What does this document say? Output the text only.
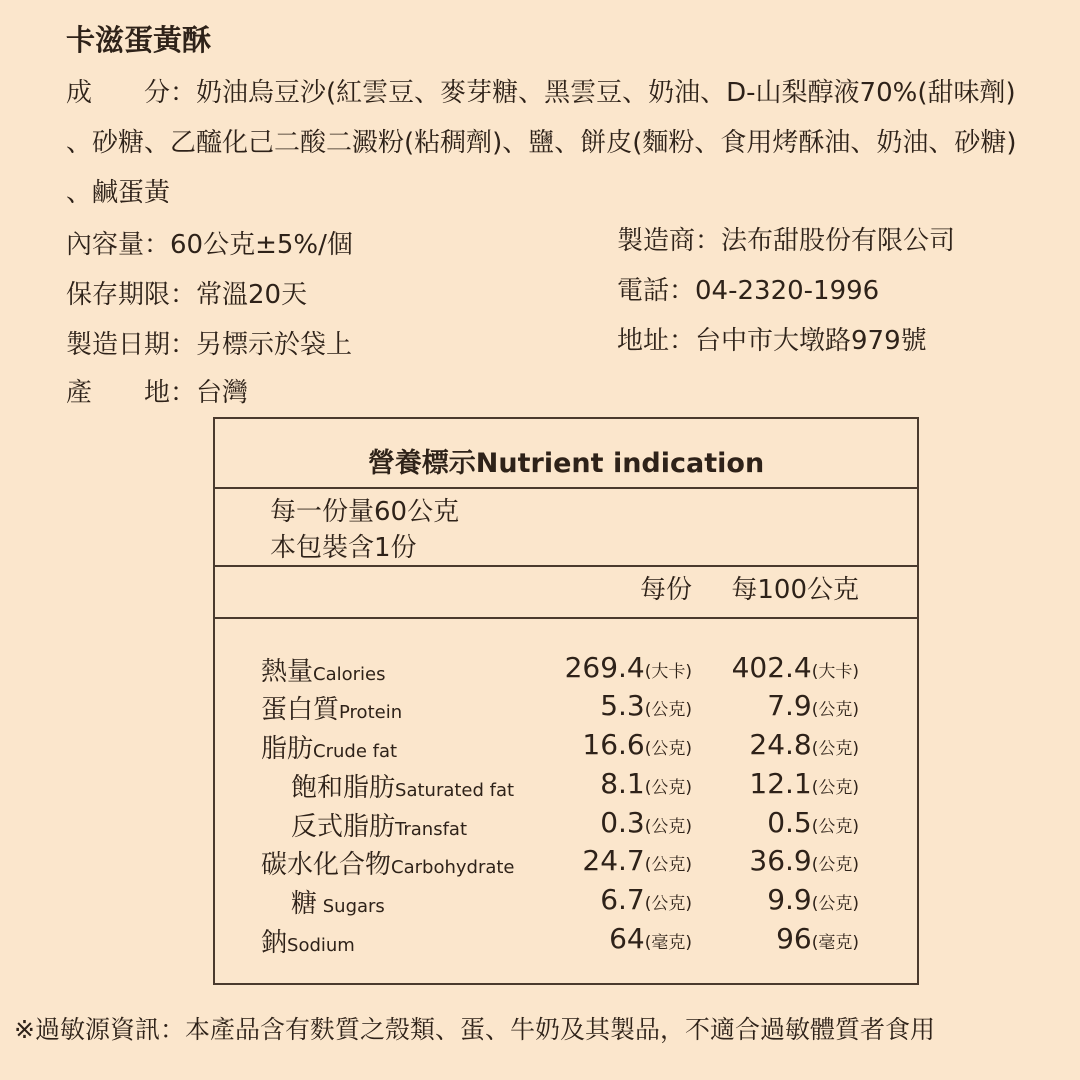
卡滋蛋黃酥
成　　分：奶油烏豆沙(紅雲豆、麥芽糖、黑雲豆、奶油、D-山梨醇液70%(甜味劑)
、砂糖、乙醯化己二酸二澱粉(粘稠劑)、鹽、餅皮(麵粉、食用烤酥油、奶油、砂糖)
、鹹蛋黃
內容量：60公克±5%/個
保存期限：常溫20天
製造日期：另標示於袋上
產　　地：台灣
製造商：法布甜股份有限公司
電話：04-2320-1996
地址：台中市大墩路979號
營養標示Nutrient indication
每一份量60公克
本包裝含1份
每份 每100公克
熱量Calories	269.4(大卡) 402.4(大卡)
蛋白質Protein	5.3(公克)	7.9(公克)
脂肪Crude fat	16.6(公克) 24.8(公克)
飽和脂肪Saturated fat	8.1(公克) 12.1(公克)
反式脂肪Transfat	0.3(公克)	0.5(公克)
碳水化合物Carbohydrate 24.7(公克) 36.9(公克)
糖 Sugars	6.7(公克)	9.9(公克)
鈉Sodium	64(毫克)	96(毫克)
※過敏源資訊：本產品含有麩質之殼類、蛋、牛奶及其製品，不適合過敏體質者食用
